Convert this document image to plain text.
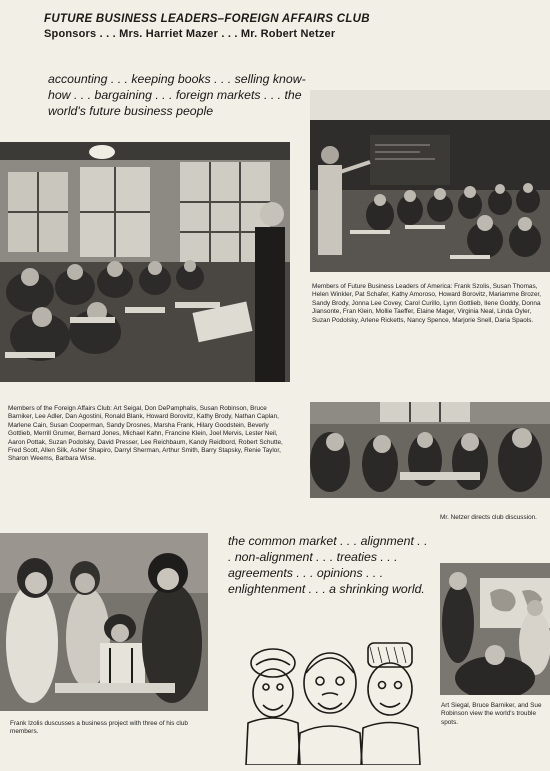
FUTURE BUSINESS LEADERS–FOREIGN AFFAIRS CLUB
Sponsors . . . Mrs. Harriet Mazer . . . Mr. Robert Netzer
accounting . . . keeping books . . . selling know-how . . . bargaining . . . foreign markets . . . the world's future business people
Members of Future Business Leaders of America: Frank Szolis, Susan Thomas, Helen Winkler, Pat Schafer, Kathy Amoroso, Howard Borovitz, Mariamme Brozer, Sandy Brody, Jonna Lee Covey, Carol Curillo, Lynn Gottlieb, Ilene Goddy, Donna Jiansonte, Fran Klein, Mollie Taeffer, Elaine Mager, Virginia Neal, Linda Oyler, Suzan Podolsky, Arlene Ricketts, Nancy Spence, Marjorie Snell, Daria Spaols.
Members of the Foreign Affairs Club: Art Seigal, Don DePamphalis, Susan Robinson, Bruce Barniker, Lee Adler, Dan Agostini, Ronald Blank, Howard Borovitz, Kathy Brody, Nathan Caplan, Marlene Cain, Susan Cooperman, Sandy Drosnes, Marsha Frank, Hilary Goodstein, Beverly Gottlieb, Merrill Grumer, Bernard Jones, Michael Kahn, Francine Klein, Joel Mervis, Lester Neil, Aaron Pottak, Suzan Podolsky, David Presser, Lee Reichbaum, Kandy Reidbord, Robert Schutte, Fred Scott, Allen Silk, Asher Shapiro, Darryl Sherman, Arthur Smith, Barry Stapsky, Renie Taylor, Sharon Weems, Barbara Wise.
Mr. Netzer directs club discussion.
Frank Izolis duscusses a business project with three of his club members.
the common market . . . alignment . . . non-alignment . . . treaties . . . agreements . . . opinions . . . enlightenment . . . a shrinking world.
Art Siegal, Bruce Barniker, and Sue Robinson view the world's trouble spots.
